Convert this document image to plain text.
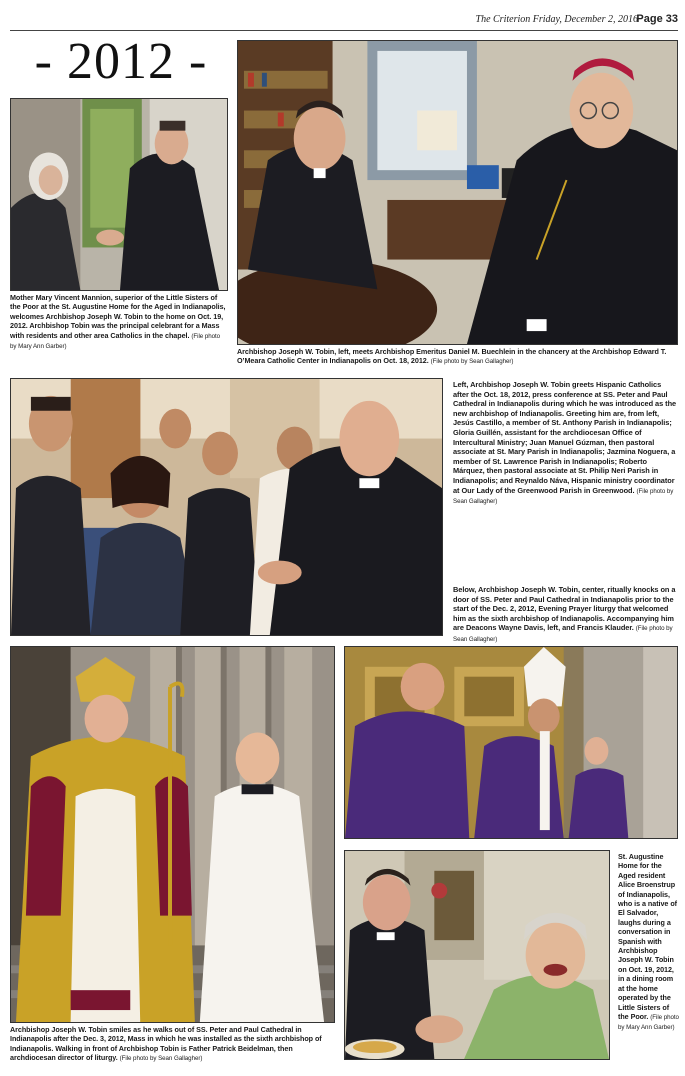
The Criterion Friday, December 2, 2016
Page 33
- 2012 -
Mother Mary Vincent Mannion, superior of the Little Sisters of the Poor at the St. Augustine Home for the Aged in Indianapolis, welcomes Archbishop Joseph W. Tobin to the home on Oct. 19, 2012. Archbishop Tobin was the principal celebrant for a Mass with residents and other area Catholics in the chapel. (File photo by Mary Ann Garber)
Archbishop Joseph W. Tobin, left, meets Archbishop Emeritus Daniel M. Buechlein in the chancery at the Archbishop Edward T. O’Meara Catholic Center in Indianapolis on Oct. 18, 2012. (File photo by Sean Gallagher)
Left, Archbishop Joseph W. Tobin greets Hispanic Catholics after the Oct. 18, 2012, press conference at SS. Peter and Paul Cathedral in Indianapolis during which he was introduced as the new archbishop of Indianapolis. Greeting him are, from left, Jesús Castillo, a member of St. Anthony Parish in Indianapolis; Gloria Guillén, assistant for the archdiocesan Office of Intercultural Ministry; Juan Manuel Gúzman, then pastoral associate at St. Mary Parish in Indianapolis; Jazmina Noguera, a member of St. Lawrence Parish in Indianapolis; Roberto Márquez, then pastoral associate at St. Philip Neri Parish in Indianapolis; and Reynaldo Náva, Hispanic ministry coordinator at Our Lady of the Greenwood Parish in Greenwood. (File photo by Sean Gallagher)
Below, Archbishop Joseph W. Tobin, center, ritually knocks on a door of SS. Peter and Paul Cathedral in Indianapolis prior to the start of the Dec. 2, 2012, Evening Prayer liturgy that welcomed him as the sixth archbishop of Indianapolis. Accompanying him are Deacons Wayne Davis, left, and Francis Klauder. (File photo by Sean Gallagher)
Archbishop Joseph W. Tobin smiles as he walks out of SS. Peter and Paul Cathedral in Indianapolis after the Dec. 3, 2012, Mass in which he was installed as the sixth archbishop of Indianapolis. Walking in front of Archbishop Tobin is Father Patrick Beidelman, then archdiocesan director of liturgy. (File photo by Sean Gallagher)
St. Augustine Home for the Aged resident Alice Broenstrup of Indianapolis, who is a native of El Salvador, laughs during a conversation in Spanish with Archbishop Joseph W. Tobin on Oct. 19, 2012, in a dining room at the home operated by the Little Sisters of the Poor. (File photo by Mary Ann Garber)
